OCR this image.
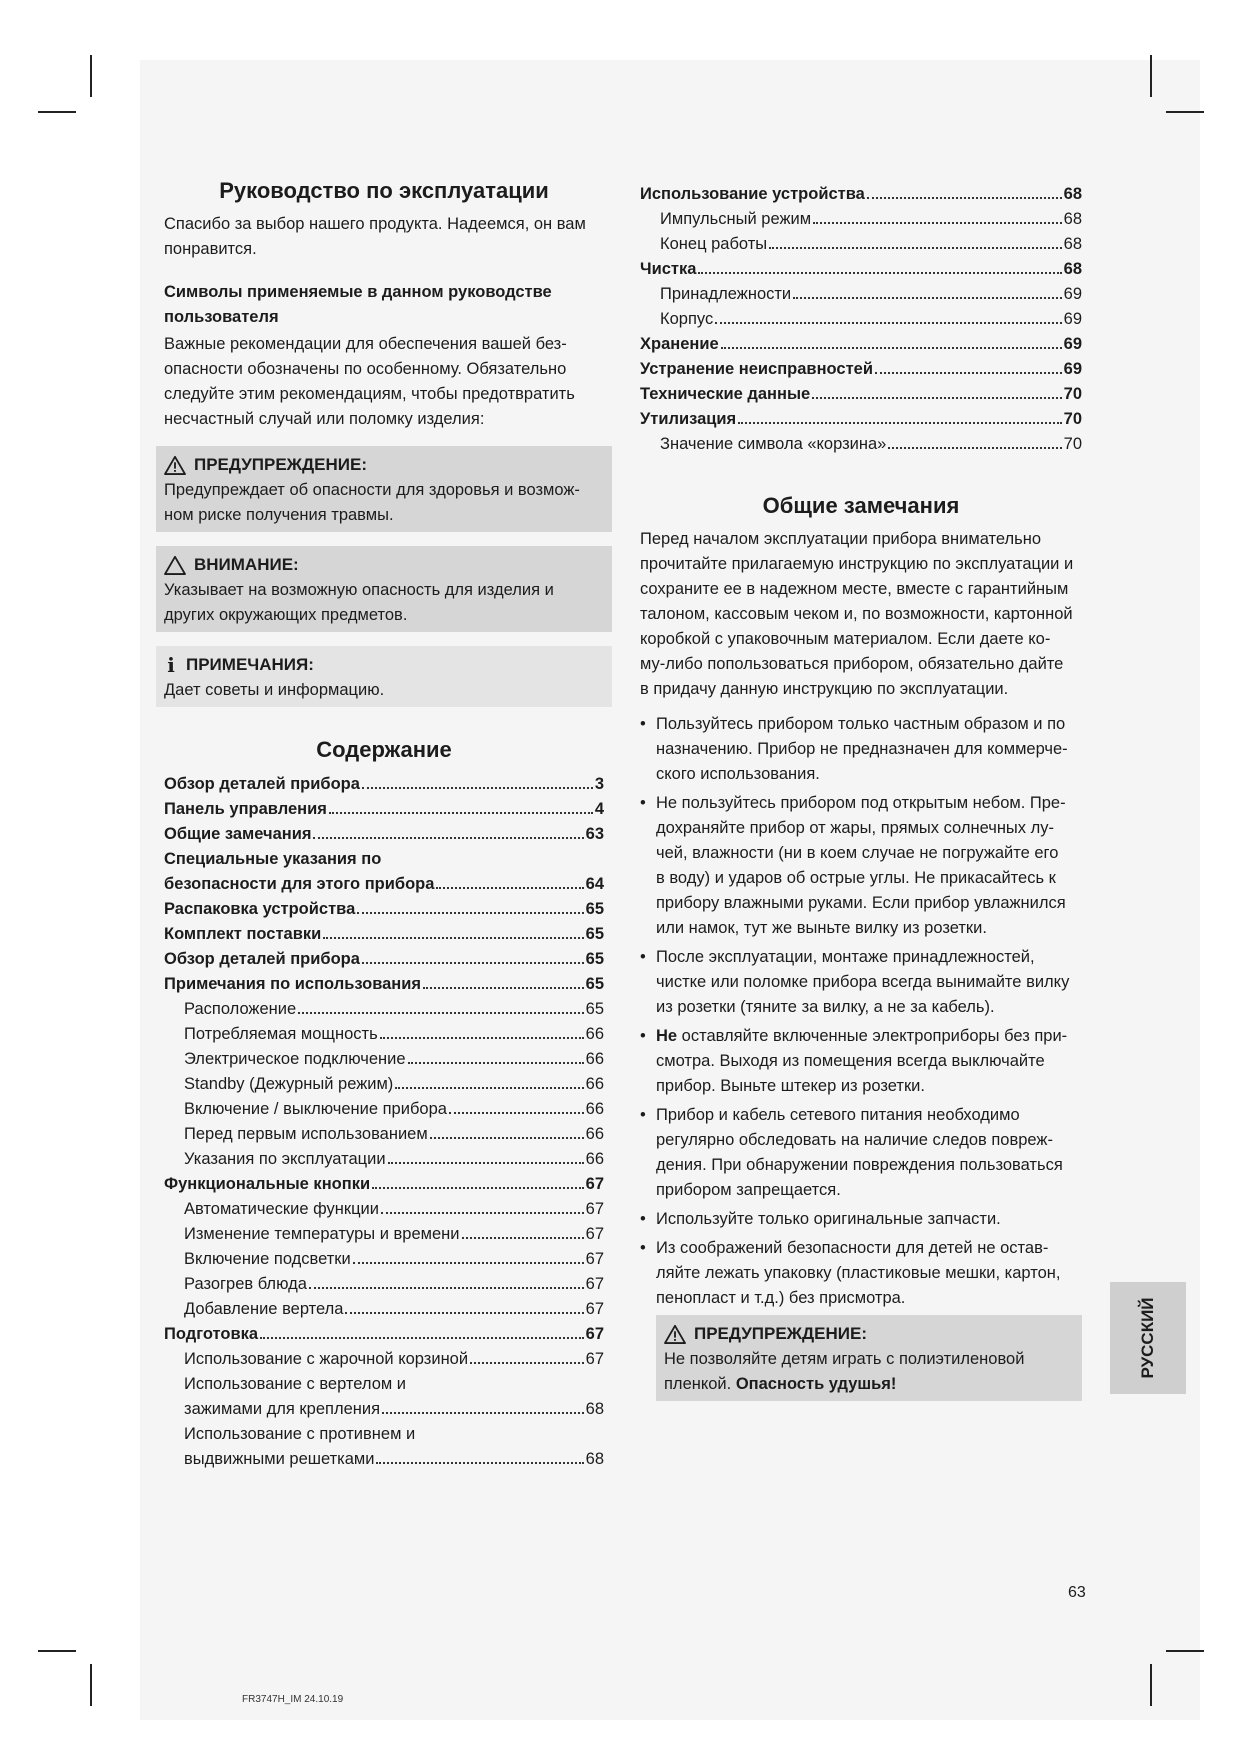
Руководство по эксплуатации

Спасибо за выбор нашего продукта. Надеемся, он вам
понравится.

Символы применяемые в данном руководстве
пользователя

Важные рекомендации для обеспечения вашей без-
опасности обозначены по особенному. Обязательно
следуйте этим рекомендациям, чтобы предотвратить
несчастный случай или поломку изделия:

ПРЕДУПРЕЖДЕНИЕ:
Предупреждает об опасности для здоровья и возмож-
ном риске получения травмы.
ВНИМАНИЕ:
Указывает на возможную опасность для изделия и
других окружающих предметов.
i ПРИМЕЧАНИЯ:
Дает советы и информацию.
Содержание
Обзор деталей прибора	3
Панель управления	4
Общие замечания	63
Специальные указания по
безопасности для этого прибора	64
Распаковка устройства	65
Комплект поставки	65
Обзор деталей прибора	65
Примечания по использования	65
Расположение	65
Потребляемая мощность	66
Электрическое подключение	66
Standby (Дежурный режим)	66
Включение / выключение прибора	66
Перед первым использованием	66
Указания по эксплуатации	66
Функциональные кнопки	67
Автоматические функции	67
Изменение температуры и времени	67
Включение подсветки	67
Разогрев блюда	67
Добавление вертела	67
Подготовка	67
Использование с жарочной корзиной	67
Использование с вертелом и
зажимами для крепления	68
Использование с противнем и
выдвижными решетками	68
Использование устройства	68
Импульсный режим	68
Конец работы	68
Чистка	68
Принадлежности	69
Корпус	69
Хранение	69
Устранение неисправностей	69
Технические данные	70
Утилизация	70
Значение символа «корзина»	70
Общие замечания

Перед началом эксплуатации прибора внимательно
прочитайте прилагаемую инструкцию по эксплуатации и
сохраните ее в надежном месте, вместе с гарантийным
талоном, кассовым чеком и, по возможности, картонной
коробкой с упаковочным материалом. Если даете ко-
му-либо попользоваться прибором, обязательно дайте
в придачу данную инструкцию по эксплуатации.

• Пользуйтесь прибором только частным образом и по
назначению. Прибор не предназначен для коммерче-
ского использования.
• Не пользуйтесь прибором под открытым небом. Пре-
дохраняйте прибор от жары, прямых солнечных лу-
чей, влажности (ни в коем случае не погружайте его
в воду) и ударов об острые углы. Не прикасайтесь к
прибору влажными руками. Если прибор увлажнился
или намок, тут же выньте вилку из розетки.
• После эксплуатации, монтаже принадлежностей,
чистке или поломке прибора всегда вынимайте вилку
из розетки (тяните за вилку, а не за кабель).
• Не оставляйте включенные электроприборы без при-
смотра. Выходя из помещения всегда выключайте
прибор. Выньте штекер из розетки.
• Прибор и кабель сетевого питания необходимо
регулярно обследовать на наличие следов повреж-
дения. При обнаружении повреждения пользоваться
прибором запрещается.
• Используйте только оригинальные запчасти.
• Из соображений безопасности для детей не остав-
ляйте лежать упаковку (пластиковые мешки, картон,
пенопласт и т.д.) без присмотра.
ПРЕДУПРЕЖДЕНИЕ:
Не позволяйте детям играть с полиэтиленовой
пленкой. Опасность удушья!
РУССКИЙ
63
FR3747H_IM 24.10.19
